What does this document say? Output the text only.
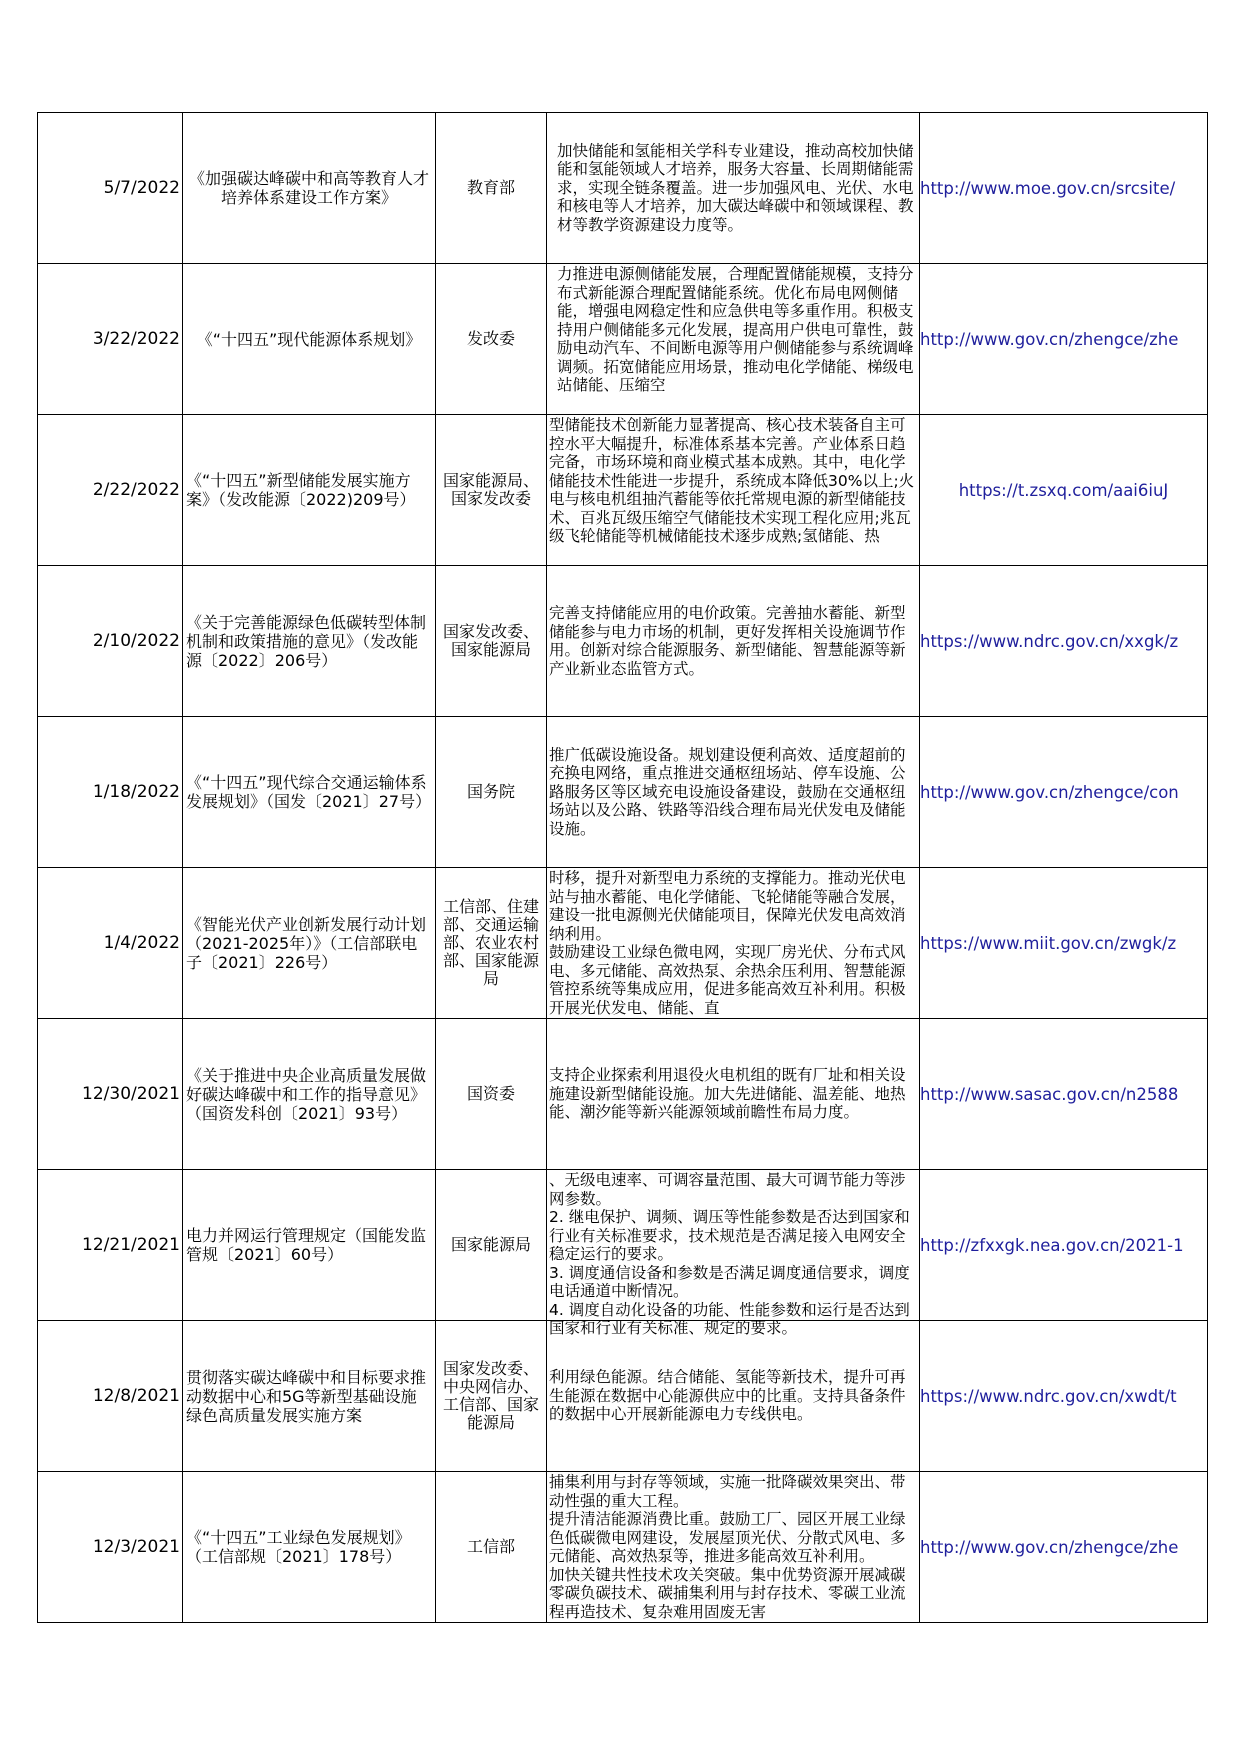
5/7/2022	《加强碳达峰碳中和高等教育人才培养体系建设工作方案》	教育部	加快储能和氢能相关学科专业建设，推动高校加快储能和氢能领域人才培养，服务大容量、长周期储能需求，实现全链条覆盖。进一步加强风电、光伏、水电和核电等人才培养，加大碳达峰碳中和领域课程、教材等教学资源建设力度等。	http://www.moe.gov.cn/srcsite/

3/22/2022	《“十四五”现代能源体系规划》	发改委	力推进电源侧储能发展，合理配置储能规模，支持分布式新能源合理配置储能系统。优化布局电网侧储能，增强电网稳定性和应急供电等多重作用。积极支持用户侧储能多元化发展，提高用户供电可靠性，鼓励电动汽车、不间断电源等用户侧储能参与系统调峰调频。拓宽储能应用场景，推动电化学储能、梯级电站储能、压缩空	http://www.gov.cn/zhengce/zhe

2/22/2022	《“十四五”新型储能发展实施方案》（发改能源〔2022)209号）	国家能源局、国家发改委	型储能技术创新能力显著提高、核心技术装备自主可控水平大幅提升，标准体系基本完善。产业体系日趋完备，市场环境和商业模式基本成熟。其中，电化学储能技术性能进一步提升，系统成本降低30%以上;火电与核电机组抽汽蓄能等依托常规电源的新型储能技术、百兆瓦级压缩空气储能技术实现工程化应用;兆瓦级飞轮储能等机械储能技术逐步成熟;氢储能、热	https://t.zsxq.com/aai6iuJ

2/10/2022	《关于完善能源绿色低碳转型体制机制和政策措施的意见》（发改能源〔2022〕206号）	国家发改委、国家能源局	完善支持储能应用的电价政策。完善抽水蓄能、新型储能参与电力市场的机制，更好发挥相关设施调节作用。创新对综合能源服务、新型储能、智慧能源等新产业新业态监管方式。	https://www.ndrc.gov.cn/xxgk/z

1/18/2022	《“十四五”现代综合交通运输体系发展规划》（国发〔2021〕27号）	国务院	推广低碳设施设备。规划建设便利高效、适度超前的充换电网络，重点推进交通枢纽场站、停车设施、公路服务区等区域充电设施设备建设，鼓励在交通枢纽场站以及公路、铁路等沿线合理布局光伏发电及储能设施。	http://www.gov.cn/zhengce/con

1/4/2022	《智能光伏产业创新发展行动计划（2021-2025年）》（工信部联电子〔2021〕226号）	工信部、住建部、交通运输部、农业农村部、国家能源局	时移，提升对新型电力系统的支撑能力。推动光伏电站与抽水蓄能、电化学储能、飞轮储能等融合发展，建设一批电源侧光伏储能项目，保障光伏发电高效消纳利用。
鼓励建设工业绿色微电网，实现厂房光伏、分布式风电、多元储能、高效热泵、余热余压利用、智慧能源管控系统等集成应用，促进多能高效互补利用。积极开展光伏发电、储能、直	https://www.miit.gov.cn/zwgk/z

12/30/2021	《关于推进中央企业高质量发展做好碳达峰碳中和工作的指导意见》（国资发科创〔2021〕93号）	国资委	支持企业探索利用退役火电机组的既有厂址和相关设施建设新型储能设施。加大先进储能、温差能、地热能、潮汐能等新兴能源领域前瞻性布局力度。	http://www.sasac.gov.cn/n2588

12/21/2021	电力并网运行管理规定（国能发监管规〔2021〕60号）	国家能源局	、无级电速率、可调容量范围、最大可调节能力等涉网参数。
2. 继电保护、调频、调压等性能参数是否达到国家和行业有关标准要求，技术规范是否满足接入电网安全稳定运行的要求。
3. 调度通信设备和参数是否满足调度通信要求，调度电话通道中断情况。
4. 调度自动化设备的功能、性能参数和运行是否达到国家和行业有关标准、规定的要求。	http://zfxxgk.nea.gov.cn/2021-1

12/8/2021	贯彻落实碳达峰碳中和目标要求推动数据中心和5G等新型基础设施绿色高质量发展实施方案	国家发改委、中央网信办、工信部、国家能源局	利用绿色能源。结合储能、氢能等新技术，提升可再生能源在数据中心能源供应中的比重。支持具备条件的数据中心开展新能源电力专线供电。	https://www.ndrc.gov.cn/xwdt/t

12/3/2021	《“十四五”工业绿色发展规划》（工信部规〔2021〕178号）	工信部	捕集利用与封存等领域，实施一批降碳效果突出、带动性强的重大工程。
提升清洁能源消费比重。鼓励工厂、园区开展工业绿色低碳微电网建设，发展屋顶光伏、分散式风电、多元储能、高效热泵等，推进多能高效互补利用。
加快关键共性技术攻关突破。集中优势资源开展减碳零碳负碳技术、碳捕集利用与封存技术、零碳工业流程再造技术、复杂难用固废无害	http://www.gov.cn/zhengce/zhe
